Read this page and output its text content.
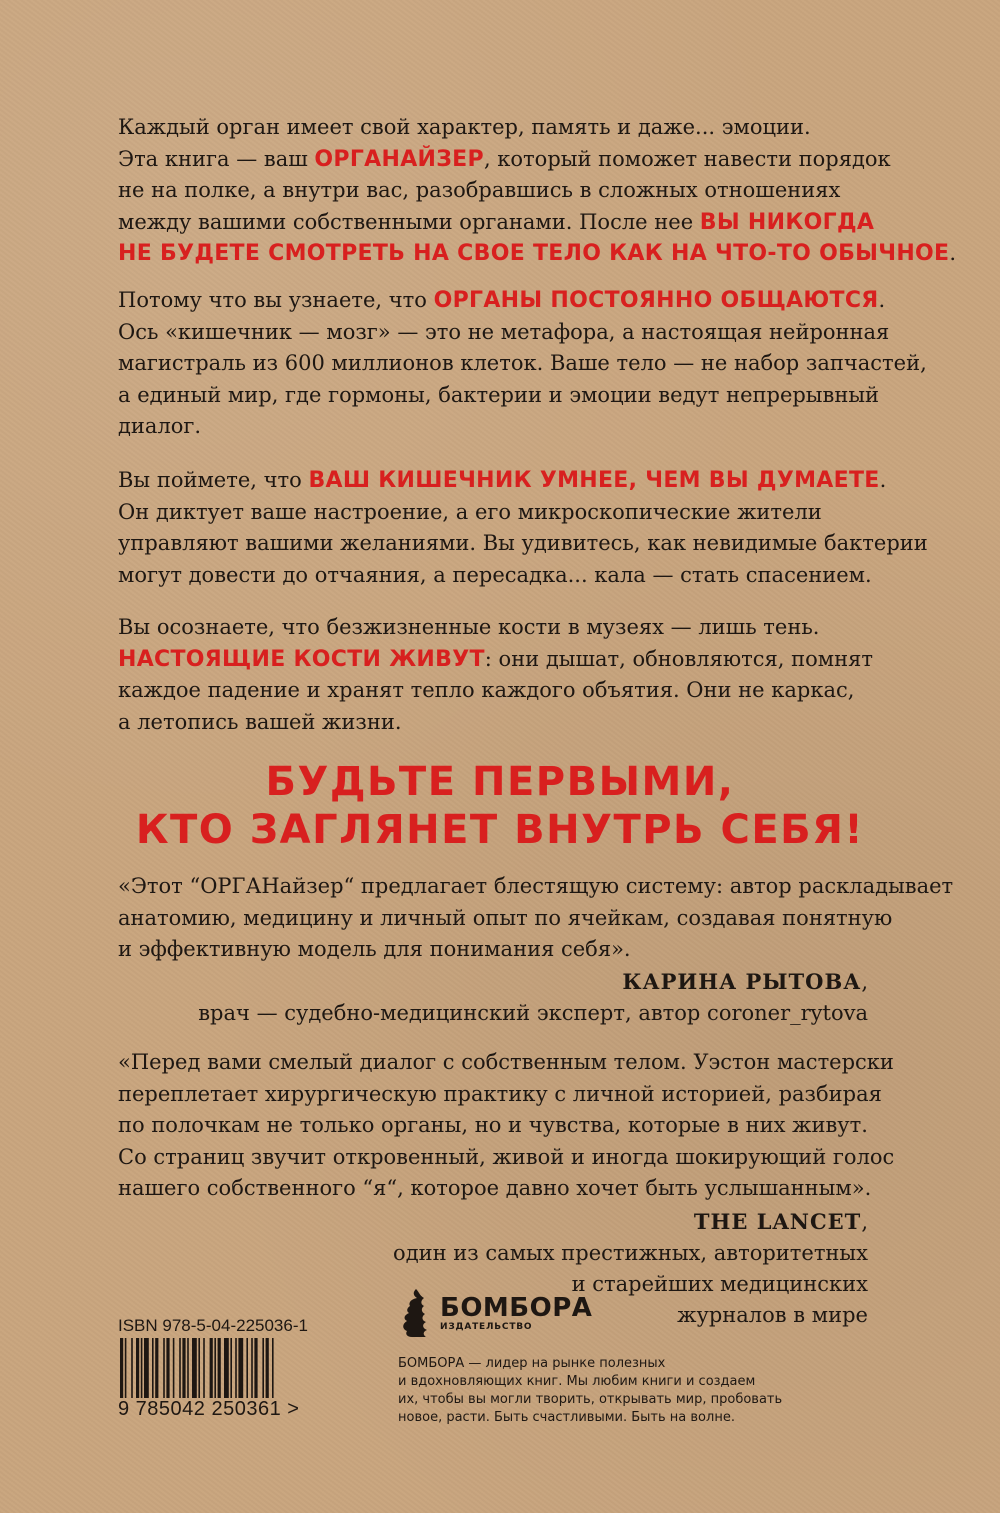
Каждый орган имеет свой характер, память и даже... эмоции.
Эта книга — ваш ОРГАНАЙЗЕР, который поможет навести порядок
не на полке, а внутри вас, разобравшись в сложных отношениях
между вашими собственными органами. После нее ВЫ НИКОГДА
НЕ БУДЕТЕ СМОТРЕТЬ НА СВОЕ ТЕЛО КАК НА ЧТО-ТО ОБЫЧНОЕ.
Потому что вы узнаете, что ОРГАНЫ ПОСТОЯННО ОБЩАЮТСЯ.
Ось «кишечник — мозг» — это не метафора, а настоящая нейронная
магистраль из 600 миллионов клеток. Ваше тело — не набор запчастей,
а единый мир, где гормоны, бактерии и эмоции ведут непрерывный
диалог.
Вы поймете, что ВАШ КИШЕЧНИК УМНЕЕ, ЧЕМ ВЫ ДУМАЕТЕ.
Он диктует ваше настроение, а его микроскопические жители
управляют вашими желаниями. Вы удивитесь, как невидимые бактерии
могут довести до отчаяния, а пересадка... кала — стать спасением.
Вы осознаете, что безжизненные кости в музеях — лишь тень.
НАСТОЯЩИЕ КОСТИ ЖИВУТ: они дышат, обновляются, помнят
каждое падение и хранят тепло каждого объятия. Они не каркас,
а летопись вашей жизни.
БУДЬТЕ ПЕРВЫМИ,
КТО ЗАГЛЯНЕТ ВНУТРЬ СЕБЯ!
«Этот “ОРГАНайзер“ предлагает блестящую систему: автор раскладывает
анатомию, медицину и личный опыт по ячейкам, создавая понятную
и эффективную модель для понимания себя».
КАРИНА РЫТОВА,
врач — судебно-медицинский эксперт, автор coroner_rytova
«Перед вами смелый диалог с собственным телом. Уэстон мастерски
переплетает хирургическую практику с личной историей, разбирая
по полочкам не только органы, но и чувства, которые в них живут.
Со страниц звучит откровенный, живой и иногда шокирующий голос
нашего собственного “я“, которое давно хочет быть услышанным».
THE LANCET,
один из самых престижных, авторитетных
и старейших медицинских
журналов в мире
ISBN 978-5-04-225036-1
9 785042 250361 >
БОМБОРА
ИЗДАТЕЛЬСТВО
БОМБОРА — лидер на рынке полезных
и вдохновляющих книг. Мы любим книги и создаем
их, чтобы вы могли творить, открывать мир, пробовать
новое, расти. Быть счастливыми. Быть на волне.
